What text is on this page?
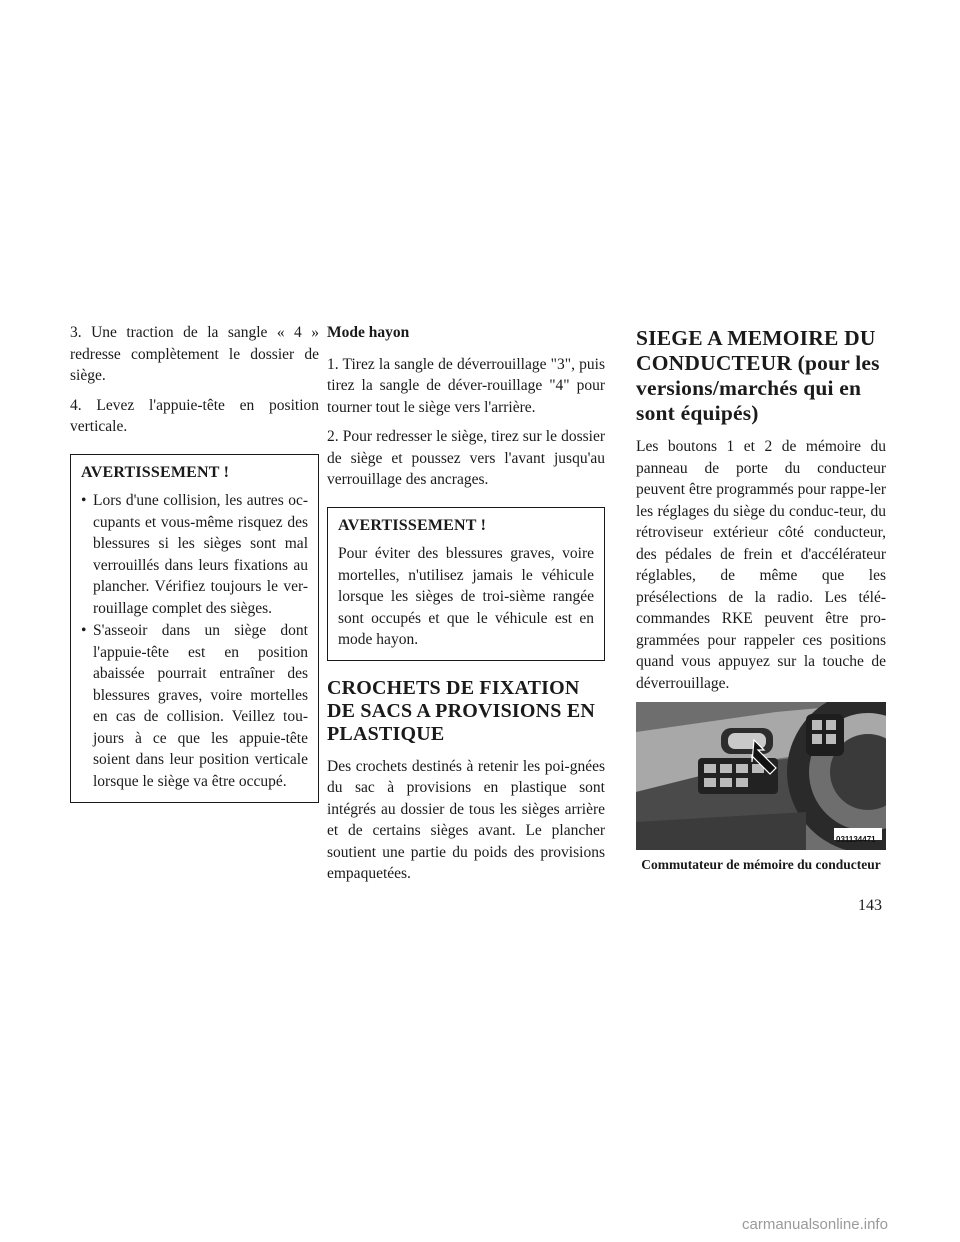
3. Une traction de la sangle « 4 » redresse complètement le dossier de siège.

4. Levez l'appuie-tête en position verticale.

AVERTISSEMENT !
• Lors d'une collision, les autres oc-cupants et vous-même risquez des blessures si les sièges sont mal verrouillés dans leurs fixations au plancher. Vérifiez toujours le ver-rouillage complet des sièges.
• S'asseoir dans un siège dont l'appuie-tête est en position abaissée pourrait entraîner des blessures graves, voire mortelles en cas de collision. Veillez tou-jours à ce que les appuie-tête soient dans leur position verticale lorsque le siège va être occupé.

Mode hayon

1. Tirez la sangle de déverrouillage "3", puis tirez la sangle de déver-rouillage "4" pour tourner tout le siège vers l'arrière.

2. Pour redresser le siège, tirez sur le dossier de siège et poussez vers l'avant jusqu'au verrouillage des ancrages.

AVERTISSEMENT !

Pour éviter des blessures graves, voire mortelles, n'utilisez jamais le véhicule lorsque les sièges de troi-sième rangée sont occupés et que le véhicule est en mode hayon.

CROCHETS DE FIXATION DE SACS A PROVISIONS EN PLASTIQUE

Des crochets destinés à retenir les poi-gnées du sac à provisions en plastique sont intégrés au dossier de tous les sièges arrière et de certains sièges avant. Le plancher soutient une partie du poids des provisions empaquetées.

SIEGE A MEMOIRE DU CONDUCTEUR (pour les versions/marchés qui en sont équipés)

Les boutons 1 et 2 de mémoire du panneau de porte du conducteur peuvent être programmés pour rappe-ler les réglages du siège du conduc-teur, du rétroviseur extérieur côté conducteur, des pédales de frein et d'accélérateur réglables, de même que les présélections de la radio. Les télé-commandes RKE peuvent être pro-grammées pour rappeler ces positions quand vous appuyez sur la touche de déverrouillage.

031134471
Commutateur de mémoire du conducteur
143
carmanualsonline.info
